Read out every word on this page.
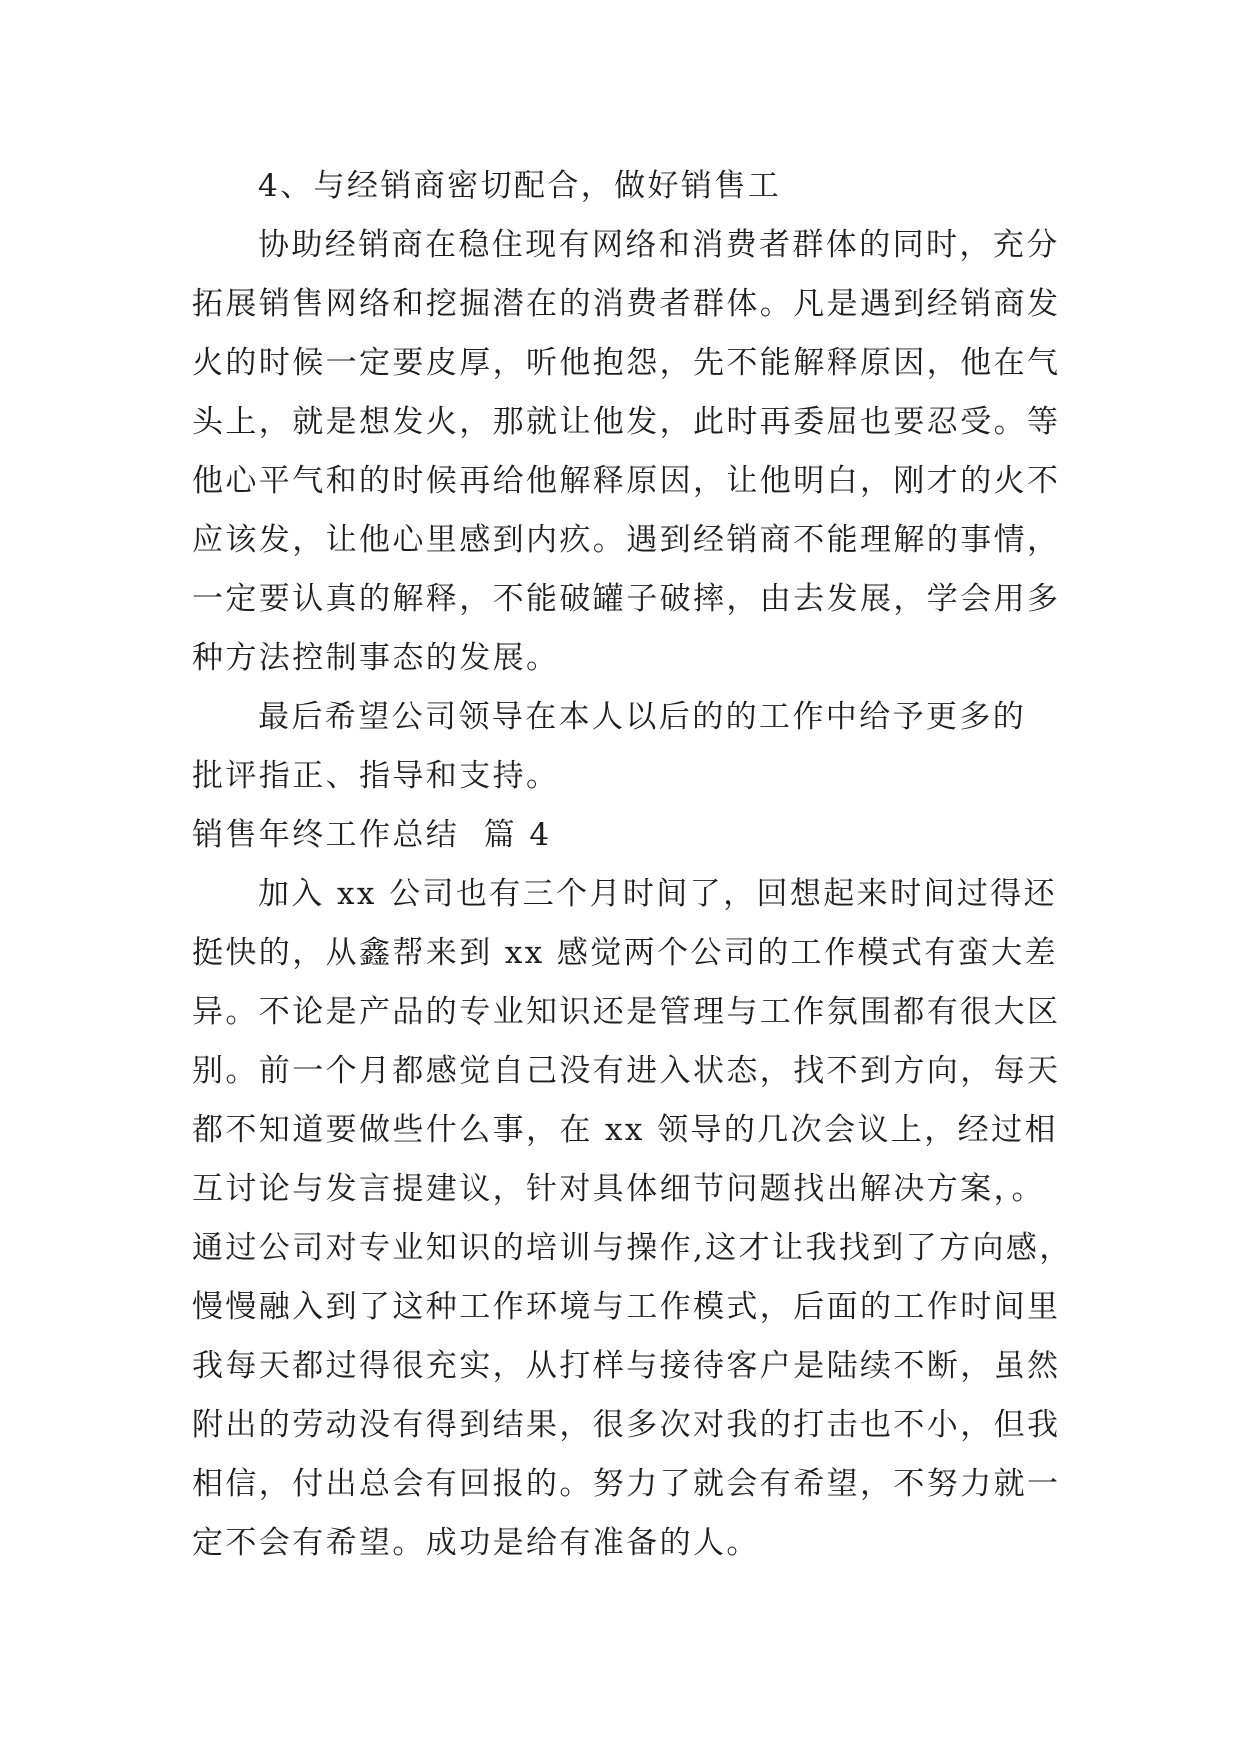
4、与经销商密切配合，做好销售工
协助经销商在稳住现有网络和消费者群体的同时，充分
拓展销售网络和挖掘潜在的消费者群体。凡是遇到经销商发
火的时候一定要皮厚，听他抱怨，先不能解释原因，他在气
头上，就是想发火，那就让他发，此时再委屈也要忍受。等
他心平气和的时候再给他解释原因，让他明白，刚才的火不
应该发，让他心里感到内疚。遇到经销商不能理解的事情，
一定要认真的解释，不能破罐子破摔，由去发展，学会用多
种方法控制事态的发展。
最后希望公司领导在本人以后的的工作中给予更多的
批评指正、指导和支持。
销售年终工作总结  篇 4
加入 xx 公司也有三个月时间了，回想起来时间过得还
挺快的，从鑫帮来到 xx 感觉两个公司的工作模式有蛮大差
异。不论是产品的专业知识还是管理与工作氛围都有很大区
别。前一个月都感觉自己没有进入状态，找不到方向，每天
都不知道要做些什么事，在 xx 领导的几次会议上，经过相
互讨论与发言提建议，针对具体细节问题找出解决方案，。
通过公司对专业知识的培训与操作,这才让我找到了方向感，
慢慢融入到了这种工作环境与工作模式，后面的工作时间里
我每天都过得很充实，从打样与接待客户是陆续不断，虽然
附出的劳动没有得到结果，很多次对我的打击也不小，但我
相信，付出总会有回报的。努力了就会有希望，不努力就一
定不会有希望。成功是给有准备的人。
